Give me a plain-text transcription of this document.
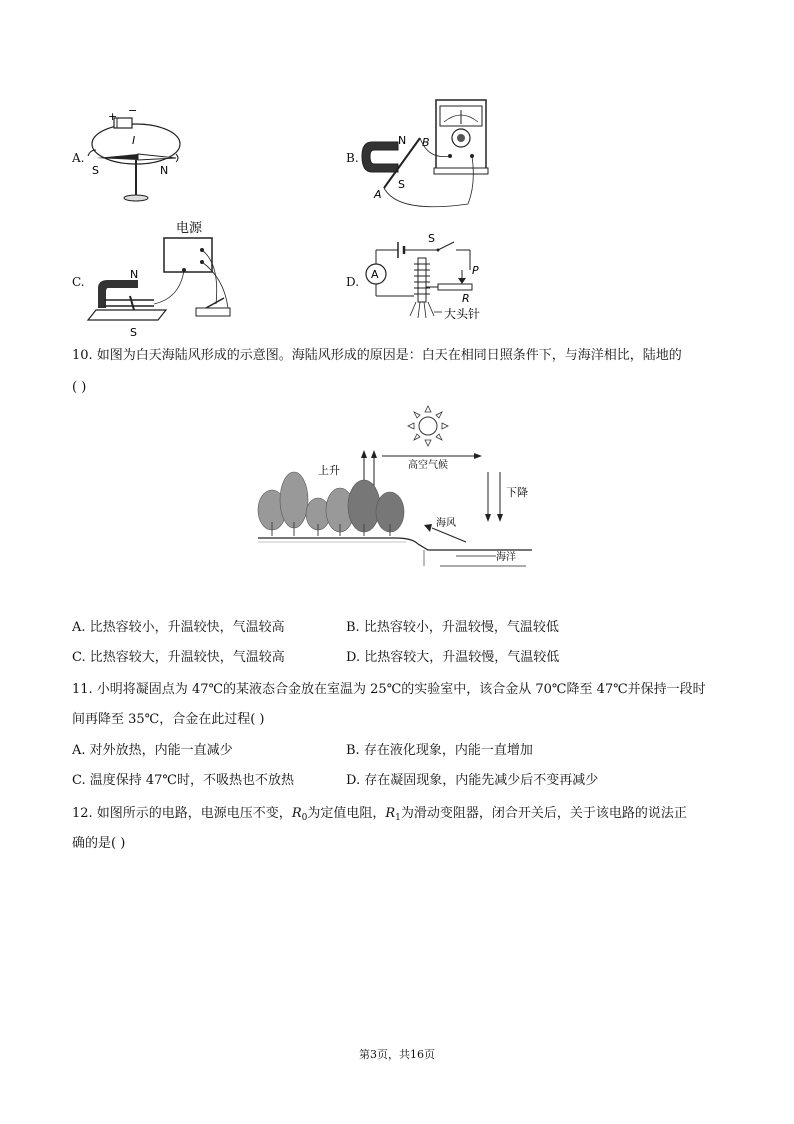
A.
+ −
I
S	N
B.
N
S
A
B
C.
电源
N
S
D.
S
A	P
R
大头针
10. 如图为白天海陆风形成的示意图。海陆风形成的原因是：白天在相同日照条件下，与海洋相比，陆地的
( )
上升	高空气候
下降
海风
海洋
A. 比热容较小，升温较快，气温较高	B. 比热容较小，升温较慢，气温较低
C. 比热容较大，升温较快，气温较高	D. 比热容较大，升温较慢，气温较低
11. 小明将凝固点为 47℃的某液态合金放在室温为 25℃的实验室中，该合金从 70℃降至 47℃并保持一段时
间再降至 35℃，合金在此过程( )
A. 对外放热，内能一直减少	B. 存在液化现象，内能一直增加
C. 温度保持 47℃时，不吸热也不放热	D. 存在凝固现象，内能先减少后不变再减少
12. 如图所示的电路，电源电压不变，$R_0$为定值电阻，$R_1$为滑动变阻器，闭合开关后，关于该电路的说法正
确的是( )
第3页，共16页
